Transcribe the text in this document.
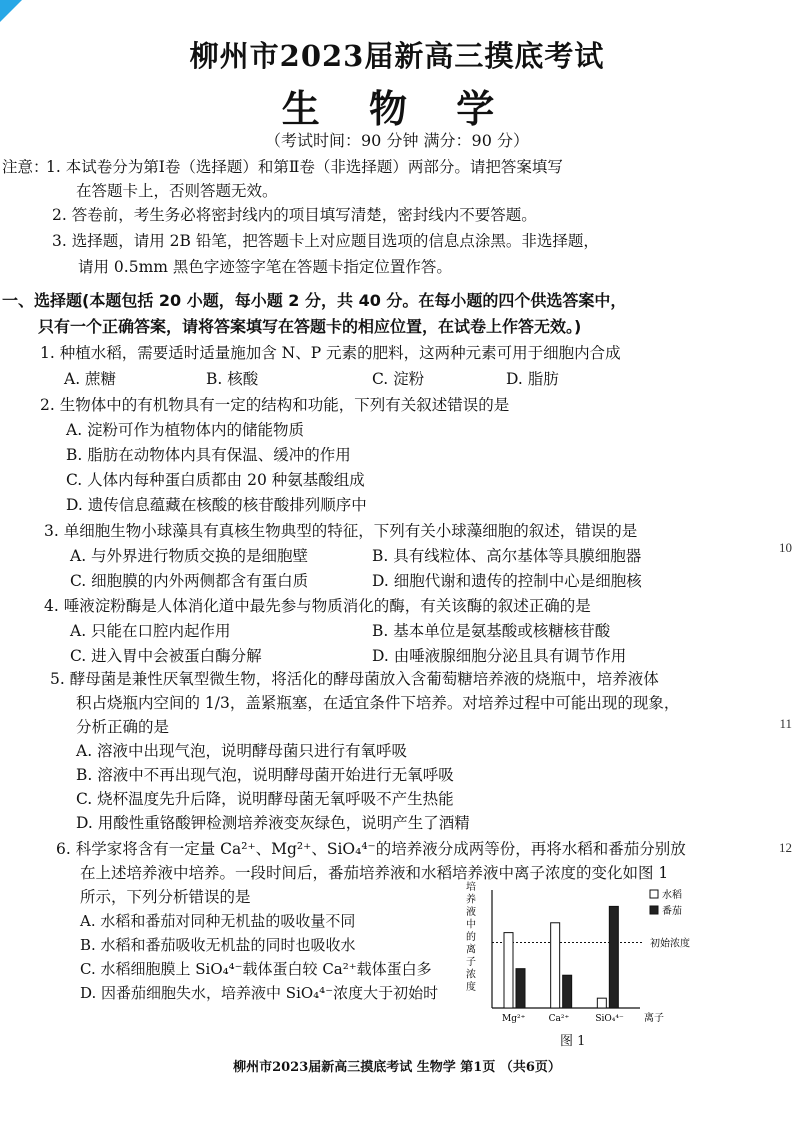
柳州市2023届新高三摸底考试
生 物 学
（考试时间：90 分钟 满分：90 分）
注意：
1. 本试卷分为第Ⅰ卷（选择题）和第Ⅱ卷（非选择题）两部分。请把答案填写
在答题卡上，否则答题无效。
2. 答卷前，考生务必将密封线内的项目填写清楚，密封线内不要答题。
3. 选择题，请用 2B 铅笔，把答题卡上对应题目选项的信息点涂黑。非选择题，
请用 0.5mm 黑色字迹签字笔在答题卡指定位置作答。
一、选择题(本题包括 20 小题，每小题 2 分，共 40 分。在每小题的四个供选答案中，
只有一个正确答案，请将答案填写在答题卡的相应位置，在试卷上作答无效。)
1. 种植水稻，需要适时适量施加含 N、P 元素的肥料，这两种元素可用于细胞内合成
A. 蔗糖	B. 核酸	C. 淀粉	D. 脂肪
2. 生物体中的有机物具有一定的结构和功能，下列有关叙述错误的是
A. 淀粉可作为植物体内的储能物质
B. 脂肪在动物体内具有保温、缓冲的作用
C. 人体内每种蛋白质都由 20 种氨基酸组成
D. 遗传信息蕴藏在核酸的核苷酸排列顺序中
3. 单细胞生物小球藻具有真核生物典型的特征，下列有关小球藻细胞的叙述，错误的是
A. 与外界进行物质交换的是细胞壁	B. 具有线粒体、高尔基体等具膜细胞器
C. 细胞膜的内外两侧都含有蛋白质	D. 细胞代谢和遗传的控制中心是细胞核
4. 唾液淀粉酶是人体消化道中最先参与物质消化的酶，有关该酶的叙述正确的是
A. 只能在口腔内起作用	B. 基本单位是氨基酸或核糖核苷酸
C. 进入胃中会被蛋白酶分解	D. 由唾液腺细胞分泌且具有调节作用
5. 酵母菌是兼性厌氧型微生物，将活化的酵母菌放入含葡萄糖培养液的烧瓶中，培养液体
积占烧瓶内空间的 1/3，盖紧瓶塞，在适宜条件下培养。对培养过程中可能出现的现象，
分析正确的是
A. 溶液中出现气泡，说明酵母菌只进行有氧呼吸
B. 溶液中不再出现气泡，说明酵母菌开始进行无氧呼吸
C. 烧杯温度先升后降，说明酵母菌无氧呼吸不产生热能
D. 用酸性重铬酸钾检测培养液变灰绿色，说明产生了酒精
6. 科学家将含有一定量 Ca²⁺、Mg²⁺、SiO₄⁴⁻的培养液分成两等份，再将水稻和番茄分别放
在上述培养液中培养。一段时间后，番茄培养液和水稻培养液中离子浓度的变化如图 1
所示，下列分析错误的是
A. 水稻和番茄对同种无机盐的吸收量不同
B. 水稻和番茄吸收无机盐的同时也吸收水
C. 水稻细胞膜上 SiO₄⁴⁻载体蛋白较 Ca²⁺载体蛋白多
D. 因番茄细胞失水，培养液中 SiO₄⁴⁻浓度大于初始时
10
11
12
培
养
液
中
的
离
子
浓
度
初始浓度
Mg²⁺	Ca²⁺	SiO₄⁴⁻ 离子
水稻
番茄
图 1
柳州市2023届新高三摸底考试 生物学 第1页 （共6页）
